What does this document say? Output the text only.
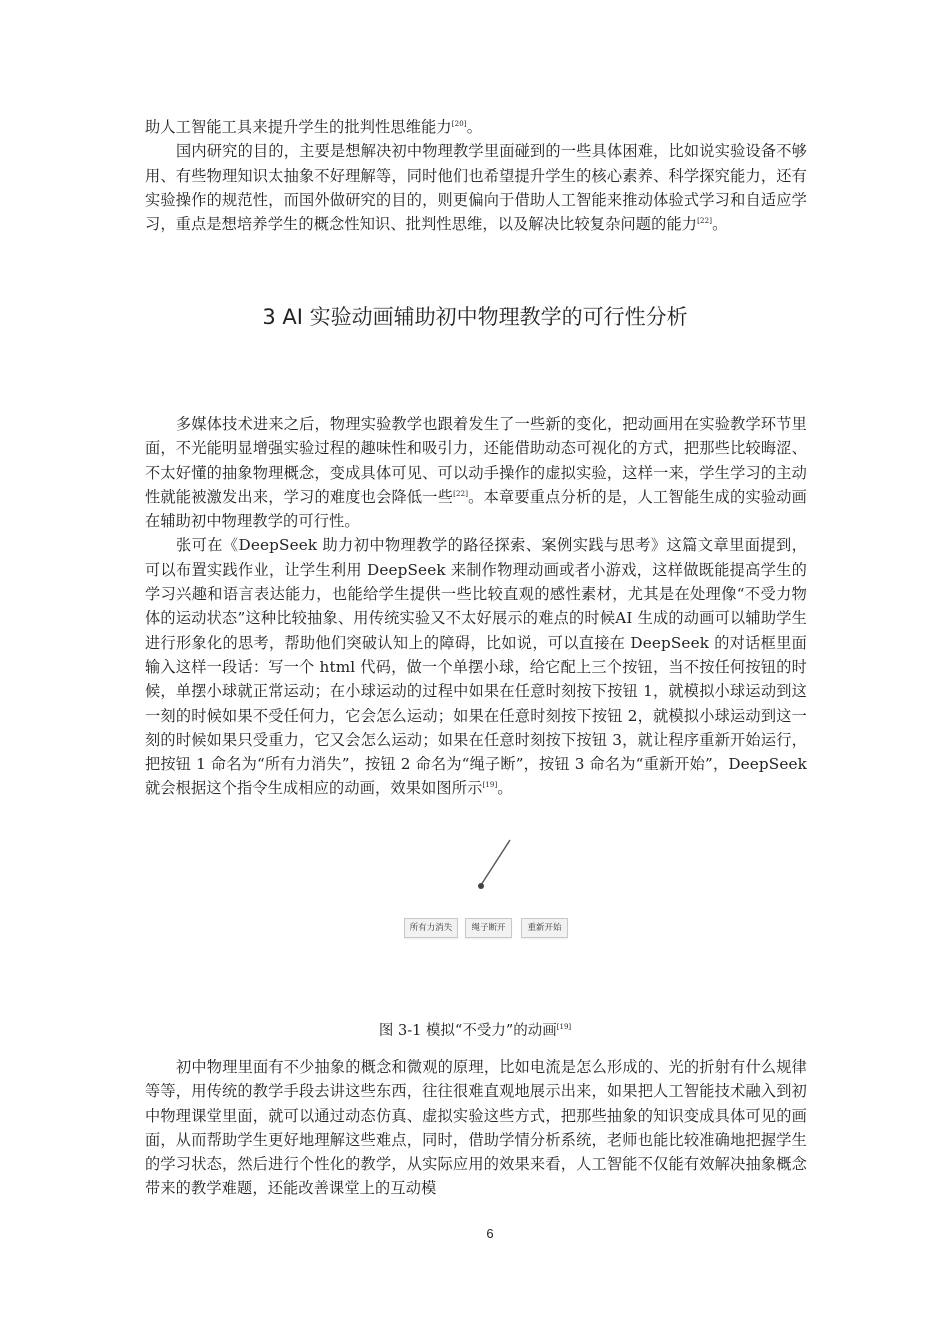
助人工智能工具来提升学生的批判性思维能力[20]。

国内研究的目的，主要是想解决初中物理教学里面碰到的一些具体困难，比如说实验设备不够用、有些物理知识太抽象不好理解等，同时他们也希望提升学生的核心素养、科学探究能力，还有实验操作的规范性，而国外做研究的目的，则更偏向于借助人工智能来推动体验式学习和自适应学习，重点是想培养学生的概念性知识、批判性思维，以及解决比较复杂问题的能力[22]。

3 AI 实验动画辅助初中物理教学的可行性分析

多媒体技术进来之后，物理实验教学也跟着发生了一些新的变化，把动画用在实验教学环节里面，不光能明显增强实验过程的趣味性和吸引力，还能借助动态可视化的方式，把那些比较晦涩、不太好懂的抽象物理概念，变成具体可见、可以动手操作的虚拟实验，这样一来，学生学习的主动性就能被激发出来，学习的难度也会降低一些[22]。本章要重点分析的是，人工智能生成的实验动画在辅助初中物理教学的可行性。

张可在《DeepSeek 助力初中物理教学的路径探索、案例实践与思考》这篇文章里面提到，可以布置实践作业，让学生利用 DeepSeek 来制作物理动画或者小游戏，这样做既能提高学生的学习兴趣和语言表达能力，也能给学生提供一些比较直观的感性素材，尤其是在处理像“不受力物体的运动状态”这种比较抽象、用传统实验又不太好展示的难点的时候AI 生成的动画可以辅助学生进行形象化的思考，帮助他们突破认知上的障碍，比如说，可以直接在 DeepSeek 的对话框里面输入这样一段话：写一个 html 代码，做一个单摆小球，给它配上三个按钮，当不按任何按钮的时候，单摆小球就正常运动；在小球运动的过程中如果在任意时刻按下按钮 1，就模拟小球运动到这一刻的时候如果不受任何力，它会怎么运动；如果在任意时刻按下按钮 2，就模拟小球运动到这一刻的时候如果只受重力，它又会怎么运动；如果在任意时刻按下按钮 3，就让程序重新开始运行，把按钮 1 命名为“所有力消失”，按钮 2 命名为“绳子断”，按钮 3 命名为“重新开始”，DeepSeek 就会根据这个指令生成相应的动画，效果如图所示[19]。

所有力消失	绳子断开	重新开始

图 3-1 模拟“不受力”的动画[19]

初中物理里面有不少抽象的概念和微观的原理，比如电流是怎么形成的、光的折射有什么规律等等，用传统的教学手段去讲这些东西，往往很难直观地展示出来，如果把人工智能技术融入到初中物理课堂里面，就可以通过动态仿真、虚拟实验这些方式，把那些抽象的知识变成具体可见的画面，从而帮助学生更好地理解这些难点，同时，借助学情分析系统，老师也能比较准确地把握学生的学习状态，然后进行个性化的教学，从实际应用的效果来看，人工智能不仅能有效解决抽象概念带来的教学难题，还能改善课堂上的互动模

6
